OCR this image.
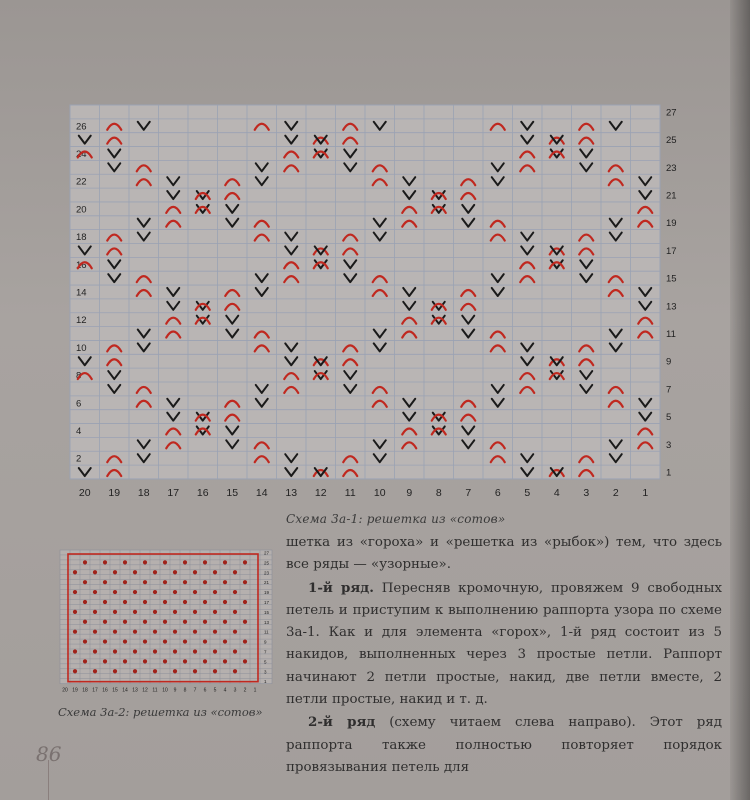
20 19 18 17 16 15 14 13 12 11 10 9 8 7 6 5 4 3 2 1
2
4
6
8
10
12
14
16
18
20
22
24
26
1
3
5
7
9
11
13
15
17
19
21
23
25
27
Схема 3а-1: решетка из «сотов»
27
25
23
21
19
17
15
13
11
9
7
5
3
1
20 19 18 17 16 15 14 13 12 11 10 9 8 7 6 5 4 3 2 1
Схема 3а-2: решетка из «сотов»

шетка из «гороха» и «решетка из «рыбок») тем, что здесь все ряды — «узорные».

1-й ряд. Пересняв кромочную, провяжем 9 свободных петель и приступим к выполнению раппорта узора по схеме 3а-1. Как и для элемента «горох», 1-й ряд состоит из 5 накидов, выполненных через 3 простые петли. Раппорт начинают 2 петли простые, накид, две петли вместе, 2 петли простые, накид и т. д.

2-й ряд (схему читаем слева направо). Этот ряд раппорта также полностью повторяет порядок провязывания петель для

86
